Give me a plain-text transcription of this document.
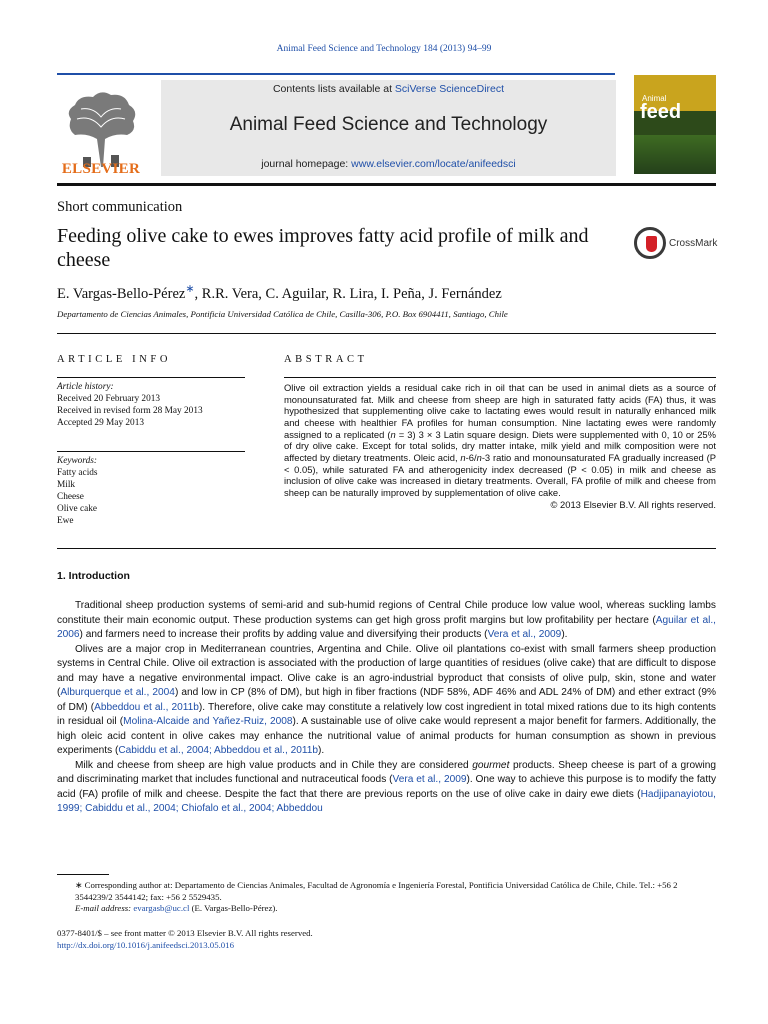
Animal Feed Science and Technology 184 (2013) 94–99
ELSEVIER
Contents lists available at SciVerse ScienceDirect
Animal Feed Science and Technology
journal homepage: www.elsevier.com/locate/anifeedsci
Animal
feed
Short communication
Feeding olive cake to ewes improves fatty acid profile of milk and cheese
CrossMark
E. Vargas-Bello-Pérez∗, R.R. Vera, C. Aguilar, R. Lira, I. Peña, J. Fernández
Departamento de Ciencias Animales, Pontificia Universidad Católica de Chile, Casilla-306, P.O. Box 6904411, Santiago, Chile
ARTICLE INFO	ABSTRACT
Article history:
Received 20 February 2013
Received in revised form 28 May 2013
Accepted 29 May 2013
Keywords:
Fatty acids
Milk
Cheese
Olive cake
Ewe
Olive oil extraction yields a residual cake rich in oil that can be used in animal diets as a source of monounsaturated fat. Milk and cheese from sheep are high in saturated fatty acids (FA) thus, it was hypothesized that supplementing olive cake to lactating ewes would result in naturally enhanced milk and cheese with healthier FA profiles for human consumption. Nine lactating ewes were randomly assigned to a replicated (n = 3) 3 × 3 Latin square design. Diets were supplemented with 0, 10 or 25% of dry olive cake. Except for total solids, dry matter intake, milk yield and milk composition were not affected by dietary treatments. Oleic acid, n-6/n-3 ratio and monounsaturated FA gradually increased (P < 0.05), while saturated FA and atherogenicity index decreased (P < 0.05) in milk and cheese as inclusion of olive cake was increased in dietary treatments. Overall, FA profile of milk and cheese from sheep can be naturally improved by supplementation of olive cake.
© 2013 Elsevier B.V. All rights reserved.
1. Introduction

Traditional sheep production systems of semi-arid and sub-humid regions of Central Chile produce low value wool, whereas suckling lambs constitute their main economic output. These production systems can get high gross profit margins but low profitability per hectare (Aguilar et al., 2006) and farmers need to increase their profits by adding value and diversifying their products (Vera et al., 2009).

Olives are a major crop in Mediterranean countries, Argentina and Chile. Olive oil plantations co-exist with small farmers sheep production systems in Central Chile. Olive oil extraction is associated with the production of large quantities of residues (olive cake) that are difficult to dispose and may have a negative environmental impact. Olive cake is an agro-industrial byproduct that consists of olive pulp, skin, stone and water (Alburquerque et al., 2004) and low in CP (8% of DM), but high in fiber fractions (NDF 58%, ADF 46% and ADL 24% of DM) and ether extract (9% of DM) (Abbeddou et al., 2011b). Therefore, olive cake may constitute a relatively low cost ingredient in total mixed rations due to its high contents in residual oil (Molina-Alcaide and Yañez-Ruiz, 2008). A sustainable use of olive cake would represent a major benefit for farmers. Additionally, the high oleic acid content in olive cakes may enhance the nutritional value of animal products for human consumption as shown in previous experiments (Cabiddu et al., 2004; Abbeddou et al., 2011b).

Milk and cheese from sheep are high value products and in Chile they are considered gourmet products. Sheep cheese is part of a growing and discriminating market that includes functional and nutraceutical foods (Vera et al., 2009). One way to achieve this purpose is to modify the fatty acid (FA) profile of milk and cheese. Despite the fact that there are previous reports on the use of olive cake in dairy ewe diets (Hadjipanayiotou, 1999; Cabiddu et al., 2004; Chiofalo et al., 2004; Abbeddou

∗ Corresponding author at: Departamento de Ciencias Animales, Facultad de Agronomía e Ingeniería Forestal, Pontificia Universidad Católica de Chile, Chile. Tel.: +56 2 3544239/2 3544142; fax: +56 2 5529435.
E-mail address: evargasb@uc.cl (E. Vargas-Bello-Pérez).
0377-8401/$ – see front matter © 2013 Elsevier B.V. All rights reserved.
http://dx.doi.org/10.1016/j.anifeedsci.2013.05.016
